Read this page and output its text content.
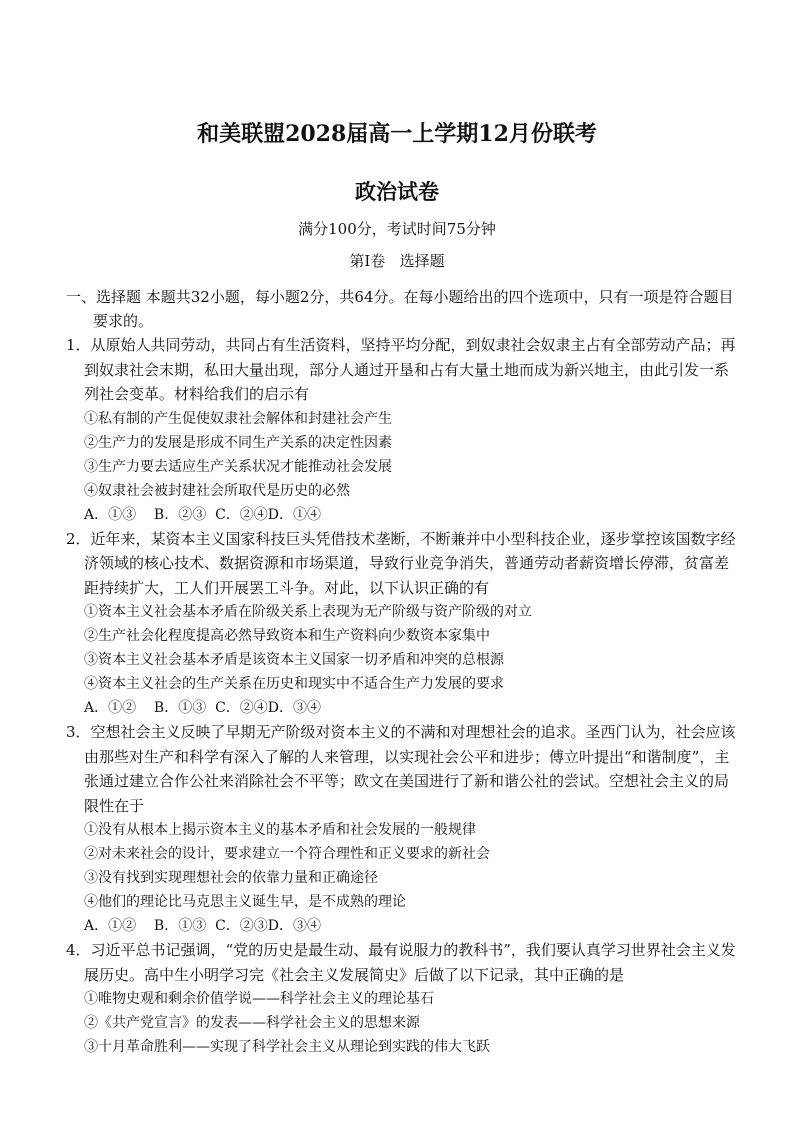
和美联盟2028届高一上学期12月份联考
政治试卷
满分100分，考试时间75分钟
第I卷 选择题
一、选择题 本题共32小题，每小题2分，共64分。在每小题给出的四个选项中，只有一项是符合题目要求的。

1．从原始人共同劳动，共同占有生活资料，坚持平均分配，到奴隶社会奴隶主占有全部劳动产品；再到奴隶社会末期，私田大量出现，部分人通过开垦和占有大量土地而成为新兴地主，由此引发一系列社会变革。材料给我们的启示有

①私有制的产生促使奴隶社会解体和封建社会产生

②生产力的发展是形成不同生产关系的决定性因素

③生产力要去适应生产关系状况才能推动社会发展

④奴隶社会被封建社会所取代是历史的必然

A．①③    B．②③  C．②④D．①④

2．近年来，某资本主义国家科技巨头凭借技术垄断，不断兼并中小型科技企业，逐步掌控该国数字经济领域的核心技术、数据资源和市场渠道，导致行业竞争消失，普通劳动者薪资增长停滞，贫富差距持续扩大，工人们开展罢工斗争。对此，以下认识正确的有

①资本主义社会基本矛盾在阶级关系上表现为无产阶级与资产阶级的对立

②生产社会化程度提高必然导致资本和生产资料向少数资本家集中

③资本主义社会基本矛盾是该资本主义国家一切矛盾和冲突的总根源

④资本主义社会的生产关系在历史和现实中不适合生产力发展的要求

A．①②    B．①③  C．②④D．③④

3．空想社会主义反映了早期无产阶级对资本主义的不满和对理想社会的追求。圣西门认为，社会应该由那些对生产和科学有深入了解的人来管理，以实现社会公平和进步；傅立叶提出“和谐制度”，主张通过建立合作公社来消除社会不平等；欧文在美国进行了新和谐公社的尝试。空想社会主义的局限性在于

①没有从根本上揭示资本主义的基本矛盾和社会发展的一般规律

②对未来社会的设计，要求建立一个符合理性和正义要求的新社会

③没有找到实现理想社会的依靠力量和正确途径

④他们的理论比马克思主义诞生早，是不成熟的理论

A．①②    B．①③  C．②③D．③④

4．习近平总书记强调，“党的历史是最生动、最有说服力的教科书”，我们要认真学习世界社会主义发展历史。高中生小明学习完《社会主义发展简史》后做了以下记录，其中正确的是

①唯物史观和剩余价值学说——科学社会主义的理论基石

②《共产党宣言》的发表——科学社会主义的思想来源

③十月革命胜利——实现了科学社会主义从理论到实践的伟大飞跃
